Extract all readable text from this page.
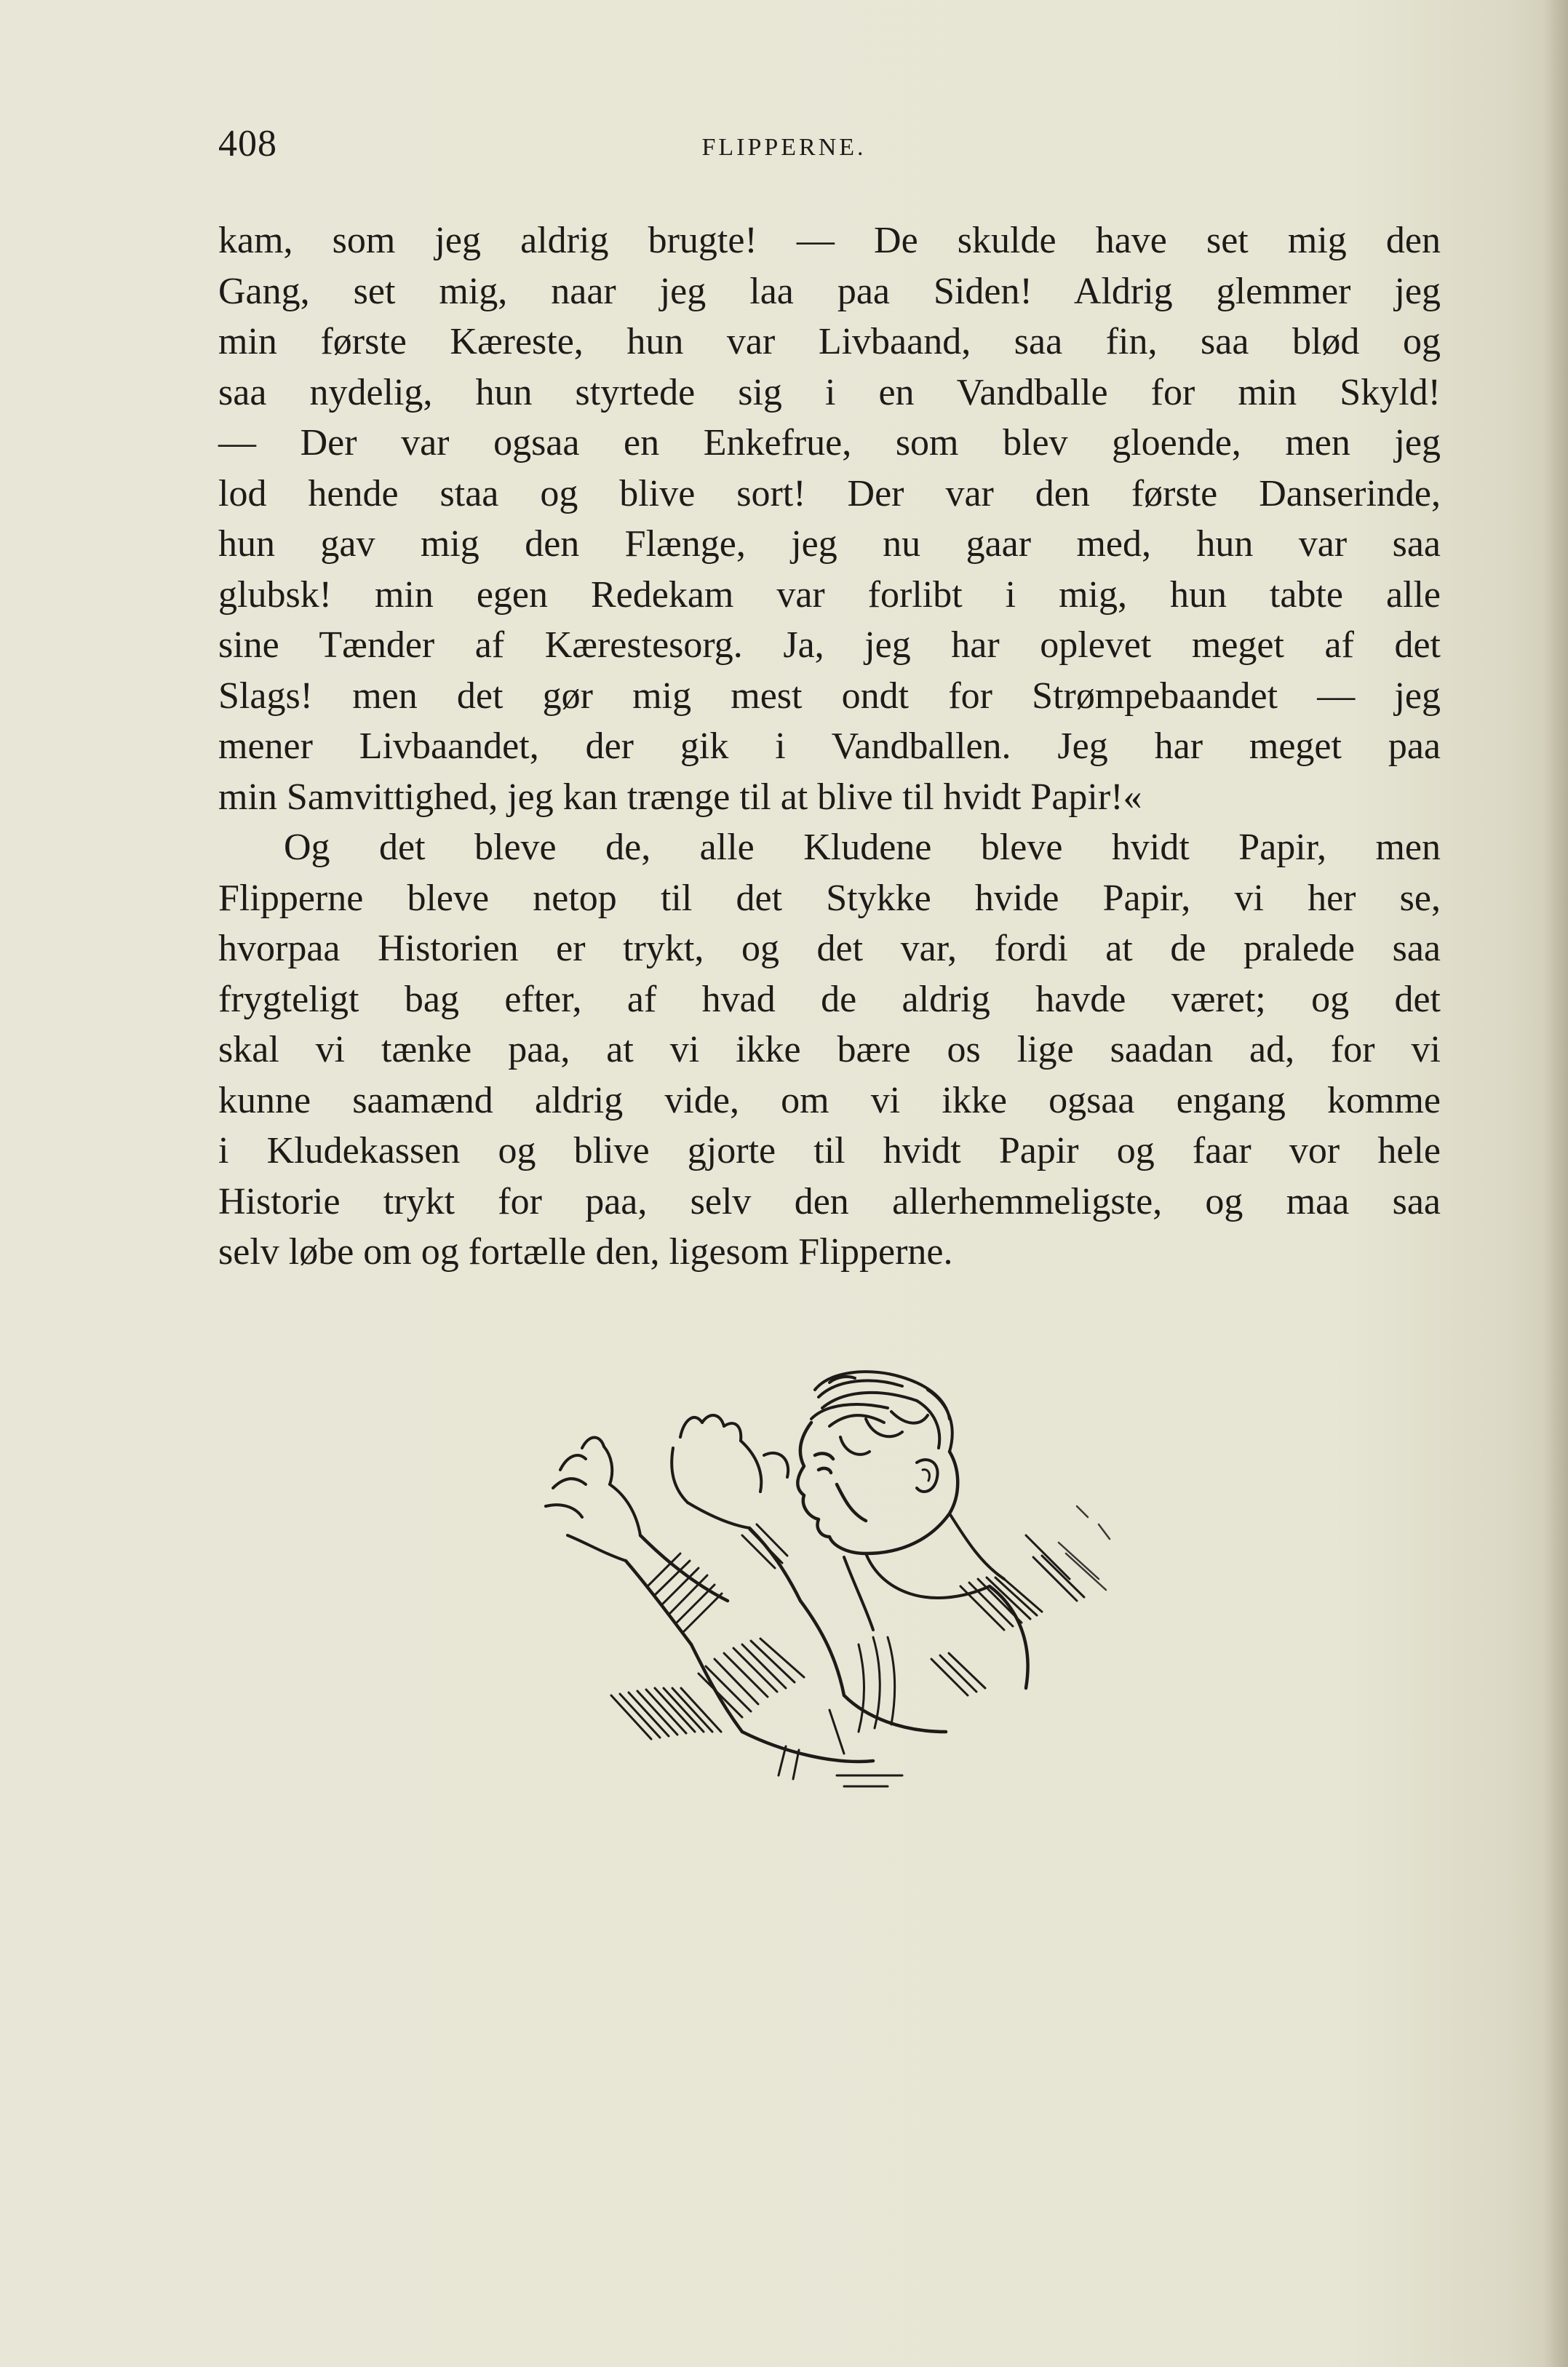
408	FLIPPERNE.
kam, som jeg aldrig brugte! — De skulde have set mig den
Gang, set mig, naar jeg laa paa Siden! Aldrig glemmer jeg
min første Kæreste, hun var Livbaand, saa fin, saa blød og
saa nydelig, hun styrtede sig i en Vandballe for min Skyld!
— Der var ogsaa en Enkefrue, som blev gloende, men jeg
lod hende staa og blive sort! Der var den første Danserinde,
hun gav mig den Flænge, jeg nu gaar med, hun var saa
glubsk! min egen Redekam var forlibt i mig, hun tabte alle
sine Tænder af Kærestesorg. Ja, jeg har oplevet meget af det
Slags! men det gør mig mest ondt for Strømpebaandet — jeg
mener Livbaandet, der gik i Vandballen. Jeg har meget paa
min Samvittighed, jeg kan trænge til at blive til hvidt Papir!«
Og det bleve de, alle Kludene bleve hvidt Papir, men
Flipperne bleve netop til det Stykke hvide Papir, vi her se,
hvorpaa Historien er trykt, og det var, fordi at de pralede saa
frygteligt bag efter, af hvad de aldrig havde været; og det
skal vi tænke paa, at vi ikke bære os lige saadan ad, for vi
kunne saamænd aldrig vide, om vi ikke ogsaa engang komme
i Kludekassen og blive gjorte til hvidt Papir og faar vor hele
Historie trykt for paa, selv den allerhemmeligste, og maa saa
selv løbe om og fortælle den, ligesom Flipperne.
